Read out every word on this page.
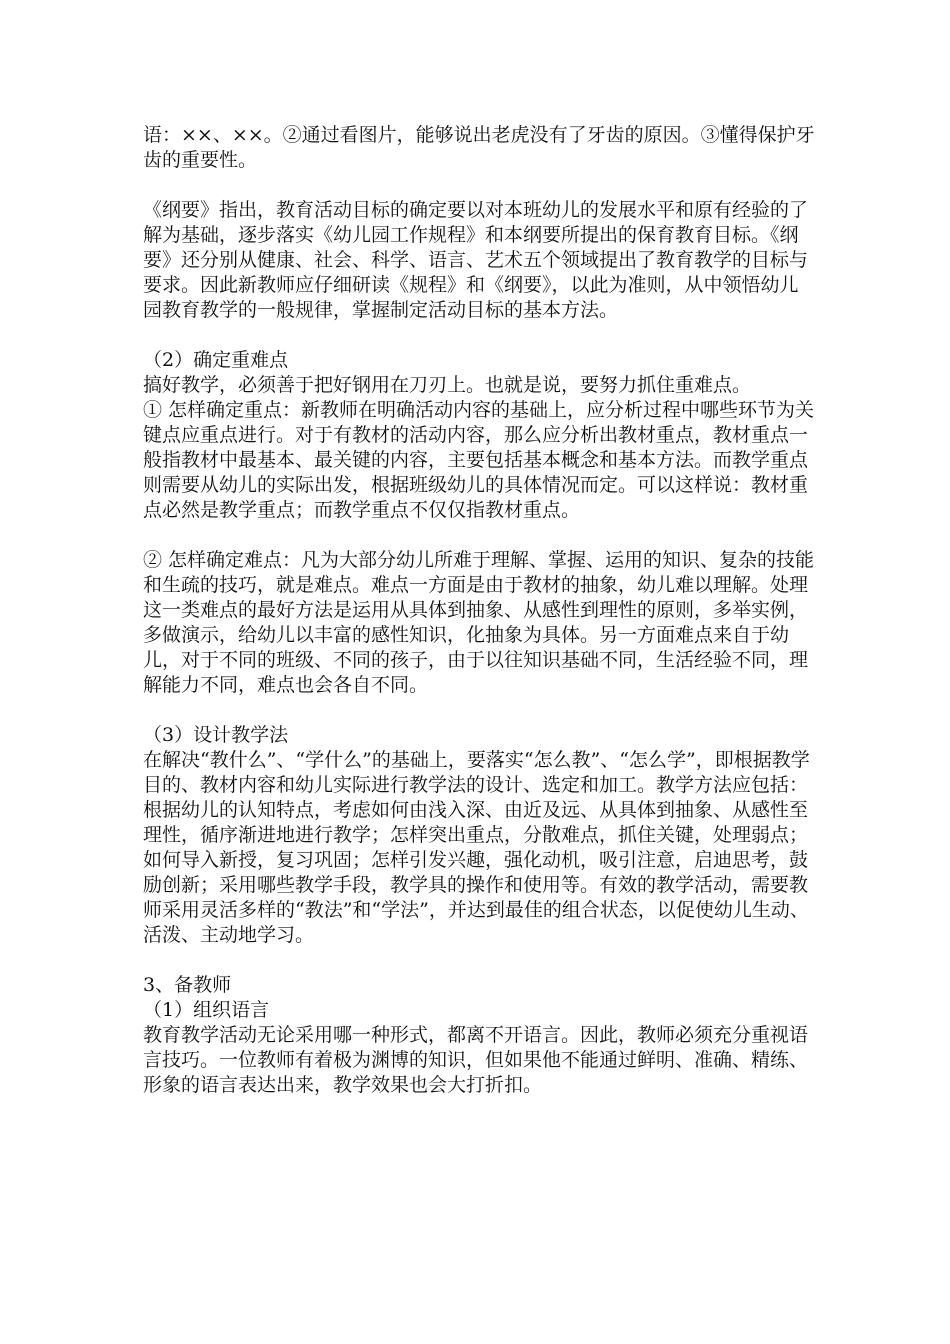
语：××、××。②通过看图片，能够说出老虎没有了牙齿的原因。③懂得保护牙齿的重要性。

《纲要》指出，教育活动目标的确定要以对本班幼儿的发展水平和原有经验的了解为基础，逐步落实《幼儿园工作规程》和本纲要所提出的保育教育目标。《纲要》还分别从健康、社会、科学、语言、艺术五个领域提出了教育教学的目标与要求。因此新教师应仔细研读《规程》和《纲要》，以此为准则，从中领悟幼儿园教育教学的一般规律，掌握制定活动目标的基本方法。

（2）确定重难点

搞好教学，必须善于把好钢用在刀刃上。也就是说，要努力抓住重难点。

① 怎样确定重点：新教师在明确活动内容的基础上，应分析过程中哪些环节为关键点应重点进行。对于有教材的活动内容，那么应分析出教材重点，教材重点一般指教材中最基本、最关键的内容，主要包括基本概念和基本方法。而教学重点则需要从幼儿的实际出发，根据班级幼儿的具体情况而定。可以这样说：教材重点必然是教学重点；而教学重点不仅仅指教材重点。

② 怎样确定难点：凡为大部分幼儿所难于理解、掌握、运用的知识、复杂的技能和生疏的技巧，就是难点。难点一方面是由于教材的抽象，幼儿难以理解。处理这一类难点的最好方法是运用从具体到抽象、从感性到理性的原则，多举实例，多做演示，给幼儿以丰富的感性知识，化抽象为具体。另一方面难点来自于幼儿，对于不同的班级、不同的孩子，由于以往知识基础不同，生活经验不同，理解能力不同，难点也会各自不同。

（3）设计教学法

在解决“教什么”、“学什么”的基础上，要落实“怎么教”、“怎么学”，即根据教学目的、教材内容和幼儿实际进行教学法的设计、选定和加工。教学方法应包括：根据幼儿的认知特点，考虑如何由浅入深、由近及远、从具体到抽象、从感性至理性，循序渐进地进行教学；怎样突出重点，分散难点，抓住关键，处理弱点；如何导入新授，复习巩固；怎样引发兴趣，强化动机，吸引注意，启迪思考，鼓励创新；采用哪些教学手段，教学具的操作和使用等。有效的教学活动，需要教师采用灵活多样的“教法”和“学法”，并达到最佳的组合状态，以促使幼儿生动、活泼、主动地学习。

3、备教师

（1）组织语言

教育教学活动无论采用哪一种形式，都离不开语言。因此，教师必须充分重视语言技巧。一位教师有着极为渊博的知识，但如果他不能通过鲜明、准确、精练、形象的语言表达出来，教学效果也会大打折扣。
